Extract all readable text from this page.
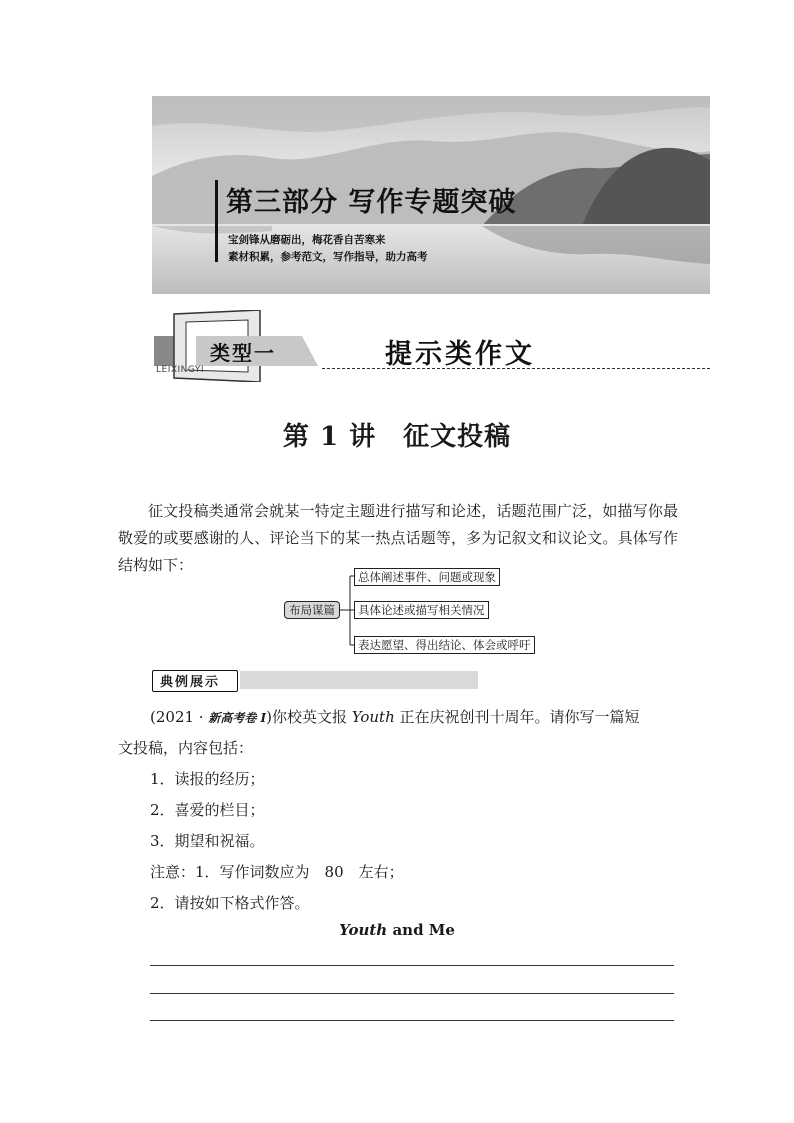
第三部分 写作专题突破
宝剑锋从磨砺出，梅花香自苦寒来
素材积累，参考范文，写作指导，助力高考
类型一
LEIXINGYI	提示类作文
第 1 讲　征文投稿
征文投稿类通常会就某一特定主题进行描写和论述，话题范围广泛，如描写你最敬爱的或要感谢的人、评论当下的某一热点话题等，多为记叙文和议论文。具体写作结构如下：
布局谋篇
总体阐述事件、问题或现象
具体论述或描写相关情况
表达愿望、得出结论、体会或呼吁
典例展示
(2021 · 新高考卷 Ⅰ)你校英文报 Youth 正在庆祝创刊十周年。请你写一篇短
文投稿，内容包括：
1．读报的经历；
2．喜爱的栏目；
3．期望和祝福。
注意：1．写作词数应为　80　左右；
2．请按如下格式作答。
Youth and Me
